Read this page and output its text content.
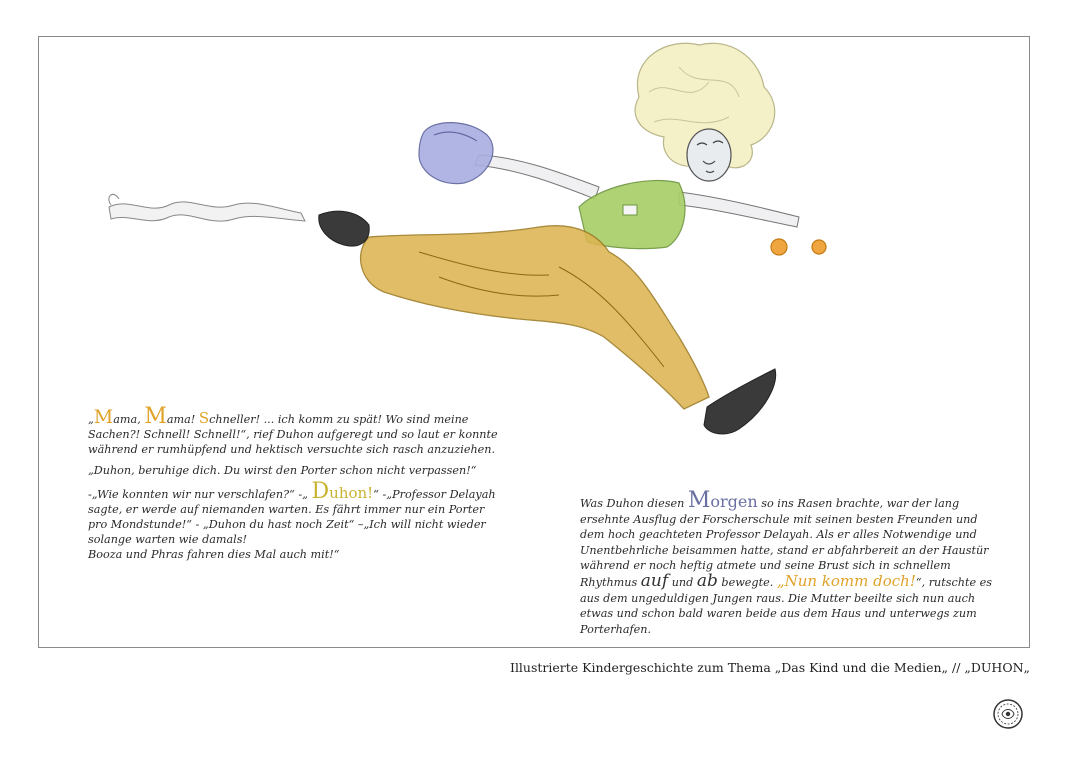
„Mama, Mama! Schneller! ... ich komm zu spät! Wo sind meine Sachen?! Schnell! Schnell!“, rief Duhon aufgeregt und so laut er konnte während er rumhüpfend und hektisch versuchte sich rasch anzuziehen.

„Duhon, beruhige dich. Du wirst den Porter schon nicht verpassen!“

-„Wie konnten wir nur verschlafen?“ -„ Duhon!“ -„Professor Delayah sagte, er werde auf niemanden warten. Es fährt immer nur ein Porter pro Mondstunde!“ - „Duhon du hast noch Zeit“ –„Ich will nicht wieder solange warten wie damals!
Booza und Phras fahren dies Mal auch mit!“

Was Duhon diesen Morgen so ins Rasen brachte, war der lang ersehnte Ausflug der Forscherschule mit seinen besten Freunden und dem hoch geachteten Professor Delayah. Als er alles Notwendige und Unentbehrliche beisammen hatte, stand er abfahrbereit an der Haustür während er noch heftig atmete und seine Brust sich in schnellem Rhythmus auf und ab bewegte. „Nun komm doch!“, rutschte es aus dem ungeduldigen Jungen raus. Die Mutter beeilte sich nun auch etwas und schon bald waren beide aus dem Haus und unterwegs zum Porterhafen.

Illustrierte Kindergeschichte zum Thema „Das Kind und die Medien„ // „DUHON„
